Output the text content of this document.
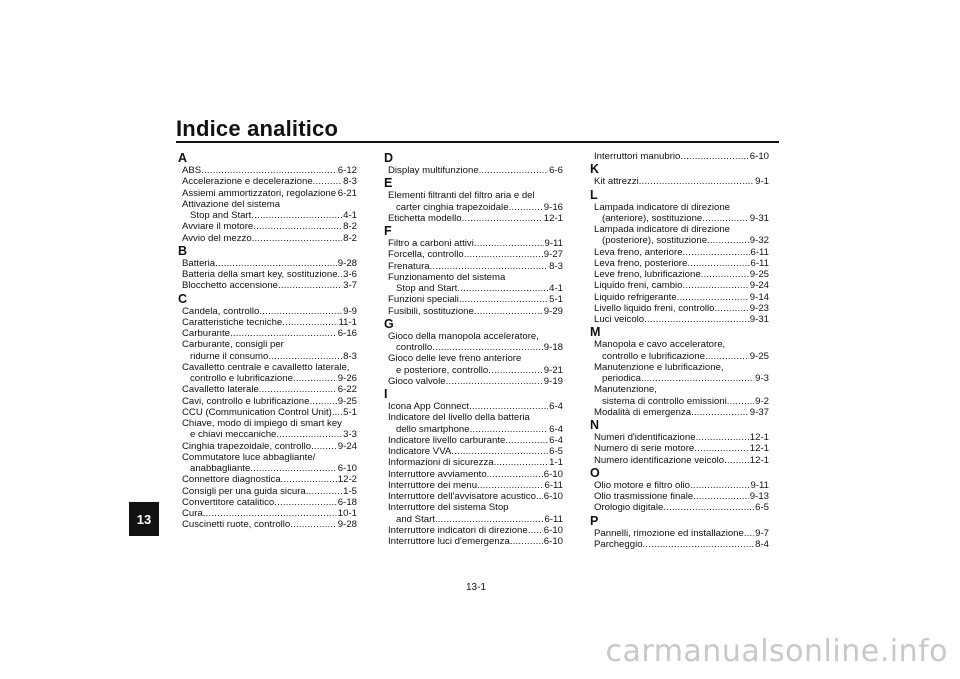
Indice analitico
13
A
ABS .....	6-12
Accelerazione e decelerazione .....	8-3
Assiemi ammortizzatori, regolazione ..... 6-21
Attivazione del sistema
Stop and Start .....	4-1
Avviare il motore .....	8-2
Avvio del mezzo .....	8-2
B
Batteria .....	9-28
Batteria della smart key, sostituzione ..... 3-6
Blocchetto accensione .....	3-7
C
Candela, controllo .....	9-9
Caratteristiche tecniche .....	11-1
Carburante .....	6-16
Carburante, consigli per
ridurne il consumo .....	8-3
Cavalletto centrale e cavalletto laterale,
controllo e lubrificazione .....	9-26
Cavalletto laterale .....	6-22
Cavi, controllo e lubrificazione .....	9-25
CCU (Communication Control Unit) ..... 5-1
Chiave, modo di impiego di smart key
e chiavi meccaniche .....	3-3
Cinghia trapezoidale, controllo .....	9-24
Commutatore luce abbagliante/
anabbagliante .....	6-10
Connettore diagnostica .....	12-2
Consigli per una guida sicura .....	1-5
Convertitore catalitico .....	6-18
Cura .....	10-1
Cuscinetti ruote, controllo .....	9-28
D
Display multifunzione .....	6-6
E
Elementi filtranti del filtro aria e del
carter cinghia trapezoidale .....	9-16
Etichetta modello .....	12-1
F
Filtro a carboni attivi .....	9-11
Forcella, controllo .....	9-27
Frenatura .....	8-3
Funzionamento del sistema
Stop and Start .....	4-1
Funzioni speciali .....	5-1
Fusibili, sostituzione .....	9-29
G
Gioco della manopola acceleratore,
controllo .....	9-18
Gioco delle leve freno anteriore
e posteriore, controllo .....	9-21
Gioco valvole .....	9-19
I
Icona App Connect .....	6-4
Indicatore del livello della batteria
dello smartphone .....	6-4
Indicatore livello carburante .....	6-4
Indicatore VVA .....	6-5
Informazioni di sicurezza .....	1-1
Interruttore avviamento .....	6-10
Interruttore dei menu .....	6-11
Interruttore dell'avvisatore acustico ..... 6-10
Interruttore del sistema Stop
and Start .....	6-11
Interruttore indicatori di direzione ..... 6-10
Interruttore luci d'emergenza .....	6-10
Interruttori manubrio .....	6-10
K
Kit attrezzi .....	9-1
L
Lampada indicatore di direzione
(anteriore), sostituzione .....	9-31
Lampada indicatore di direzione
(posteriore), sostituzione .....	9-32
Leva freno, anteriore .....	6-11
Leva freno, posteriore .....	6-11
Leve freno, lubrificazione .....	9-25
Liquido freni, cambio .....	9-24
Liquido refrigerante .....	9-14
Livello liquido freni, controllo .....	9-23
Luci veicolo .....	9-31
M
Manopola e cavo acceleratore,
controllo e lubrificazione .....	9-25
Manutenzione e lubrificazione,
periodica .....	9-3
Manutenzione,
sistema di controllo emissioni .....	9-2
Modalità di emergenza .....	9-37
N
Numeri d'identificazione .....	12-1
Numero di serie motore .....	12-1
Numero identificazione veicolo .....	12-1
O
Olio motore e filtro olio .....	9-11
Olio trasmissione finale .....	9-13
Orologio digitale .....	6-5
P
Pannelli, rimozione ed installazione ..... 9-7
Parcheggio .....	8-4
13-1
carmanualsonline.info
